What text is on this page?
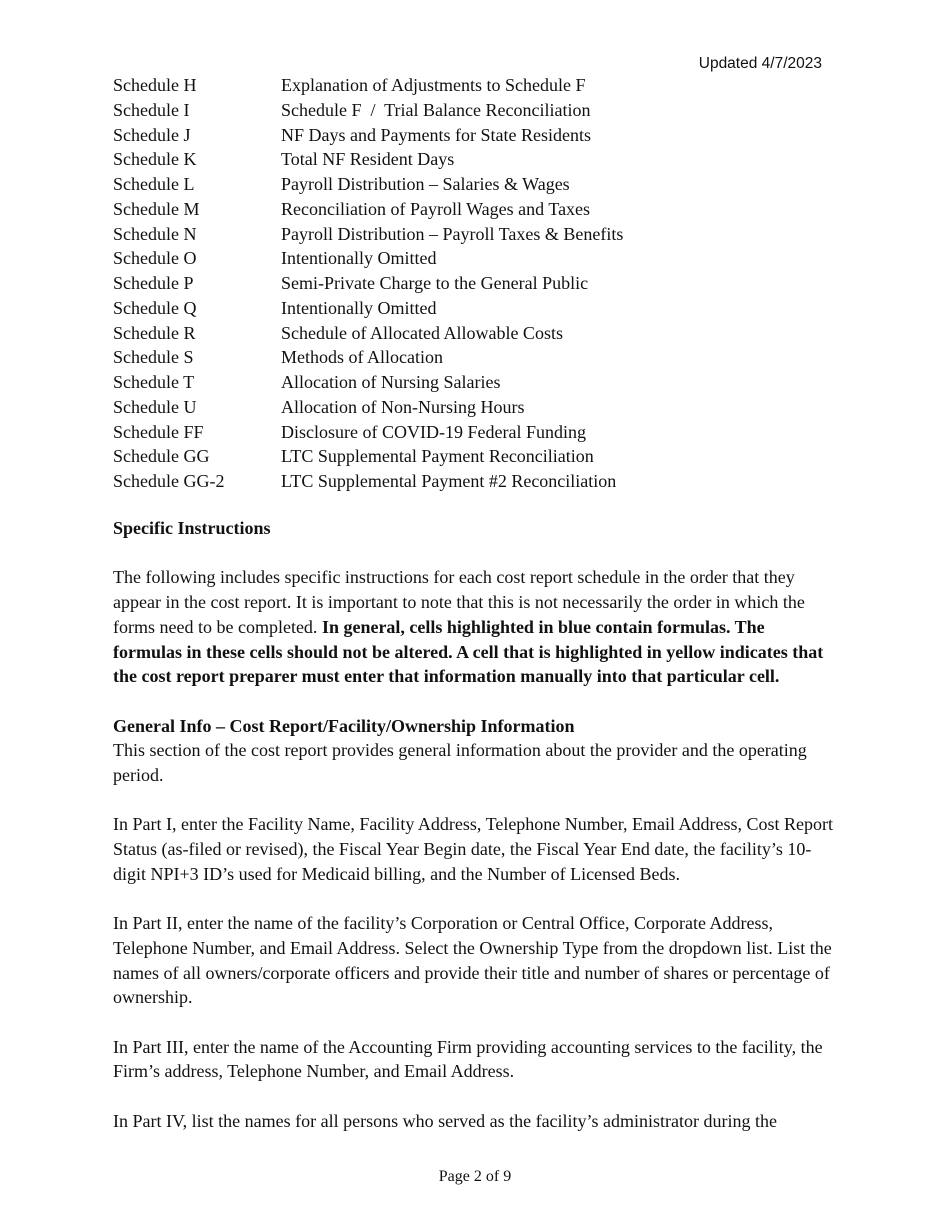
Updated 4/7/2023
Schedule H	Explanation of Adjustments to Schedule F
Schedule I	Schedule F  /  Trial Balance Reconciliation
Schedule J	NF Days and Payments for State Residents
Schedule K	Total NF Resident Days
Schedule L	Payroll Distribution – Salaries & Wages
Schedule M	Reconciliation of Payroll Wages and Taxes
Schedule N	Payroll Distribution – Payroll Taxes & Benefits
Schedule O	Intentionally Omitted
Schedule P	Semi-Private Charge to the General Public
Schedule Q	Intentionally Omitted
Schedule R	Schedule of Allocated Allowable Costs
Schedule S	Methods of Allocation
Schedule T	Allocation of Nursing Salaries
Schedule U	Allocation of Non-Nursing Hours
Schedule FF	Disclosure of COVID-19 Federal Funding
Schedule GG	LTC Supplemental Payment Reconciliation
Schedule GG-2	LTC Supplemental Payment #2 Reconciliation
Specific Instructions

The following includes specific instructions for each cost report schedule in the order that they appear in the cost report. It is important to note that this is not necessarily the order in which the forms need to be completed. In general, cells highlighted in blue contain formulas. The formulas in these cells should not be altered. A cell that is highlighted in yellow indicates that the cost report preparer must enter that information manually into that particular cell.

General Info – Cost Report/Facility/Ownership Information

This section of the cost report provides general information about the provider and the operating period.

In Part I, enter the Facility Name, Facility Address, Telephone Number, Email Address, Cost Report Status (as-filed or revised), the Fiscal Year Begin date, the Fiscal Year End date, the facility’s 10-digit NPI+3 ID’s used for Medicaid billing, and the Number of Licensed Beds.

In Part II, enter the name of the facility’s Corporation or Central Office, Corporate Address, Telephone Number, and Email Address. Select the Ownership Type from the dropdown list. List the names of all owners/corporate officers and provide their title and number of shares or percentage of ownership.

In Part III, enter the name of the Accounting Firm providing accounting services to the facility, the Firm’s address, Telephone Number, and Email Address.

In Part IV, list the names for all persons who served as the facility’s administrator during the

Page 2 of 9
